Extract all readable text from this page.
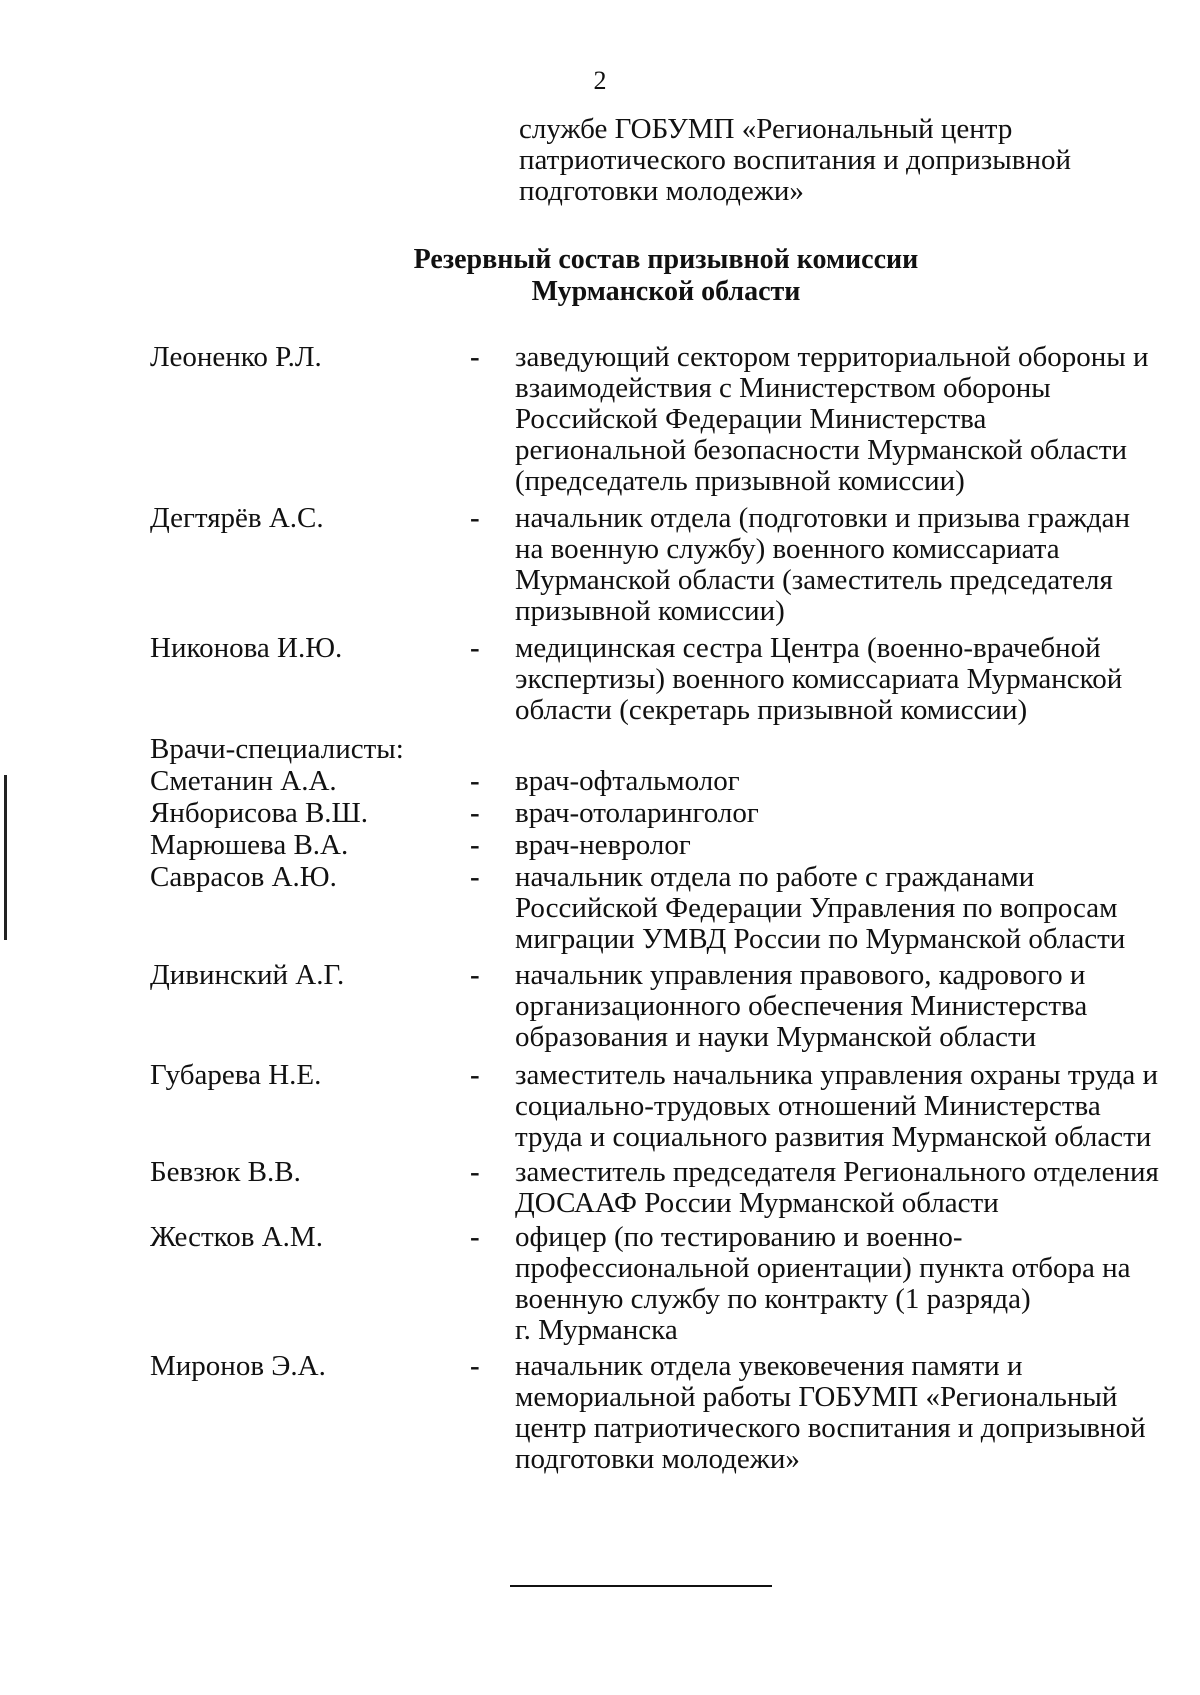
2
службе ГОБУМП «Региональный центр
патриотического воспитания и допризывной
подготовки молодежи»
Резервный состав призывной комиссии
Мурманской области
Леоненко Р.Л.	- заведующий сектором территориальной обороны и
взаимодействия с Министерством обороны
Российской Федерации Министерства
региональной безопасности Мурманской области
(председатель призывной комиссии)
Дегтярёв А.С.	- начальник отдела (подготовки и призыва граждан
на военную службу) военного комиссариата
Мурманской области (заместитель председателя
призывной комиссии)
Никонова И.Ю.	- медицинская сестра Центра (военно-врачебной
экспертизы) военного комиссариата Мурманской
области (секретарь призывной комиссии)
Врачи-специалисты:
Сметанин А.А.	- врач-офтальмолог
Янборисова В.Ш.	- врач-отоларинголог
Марюшева В.А.	- врач-невролог
Саврасов А.Ю.	- начальник отдела по работе с гражданами
Российской Федерации Управления по вопросам
миграции УМВД России по Мурманской области
Дивинский А.Г.	- начальник управления правового, кадрового и
организационного обеспечения Министерства
образования и науки Мурманской области
Губарева Н.Е.	- заместитель начальника управления охраны труда и
социально-трудовых отношений Министерства
труда и социального развития Мурманской области
Бевзюк В.В.	- заместитель председателя Регионального отделения
ДОСААФ России Мурманской области
Жестков А.М.	- офицер (по тестированию и военно-
профессиональной ориентации) пункта отбора на
военную службу по контракту (1 разряда)
г. Мурманска
Миронов Э.А.	- начальник отдела увековечения памяти и
мемориальной работы ГОБУМП «Региональный
центр патриотического воспитания и допризывной
подготовки молодежи»
